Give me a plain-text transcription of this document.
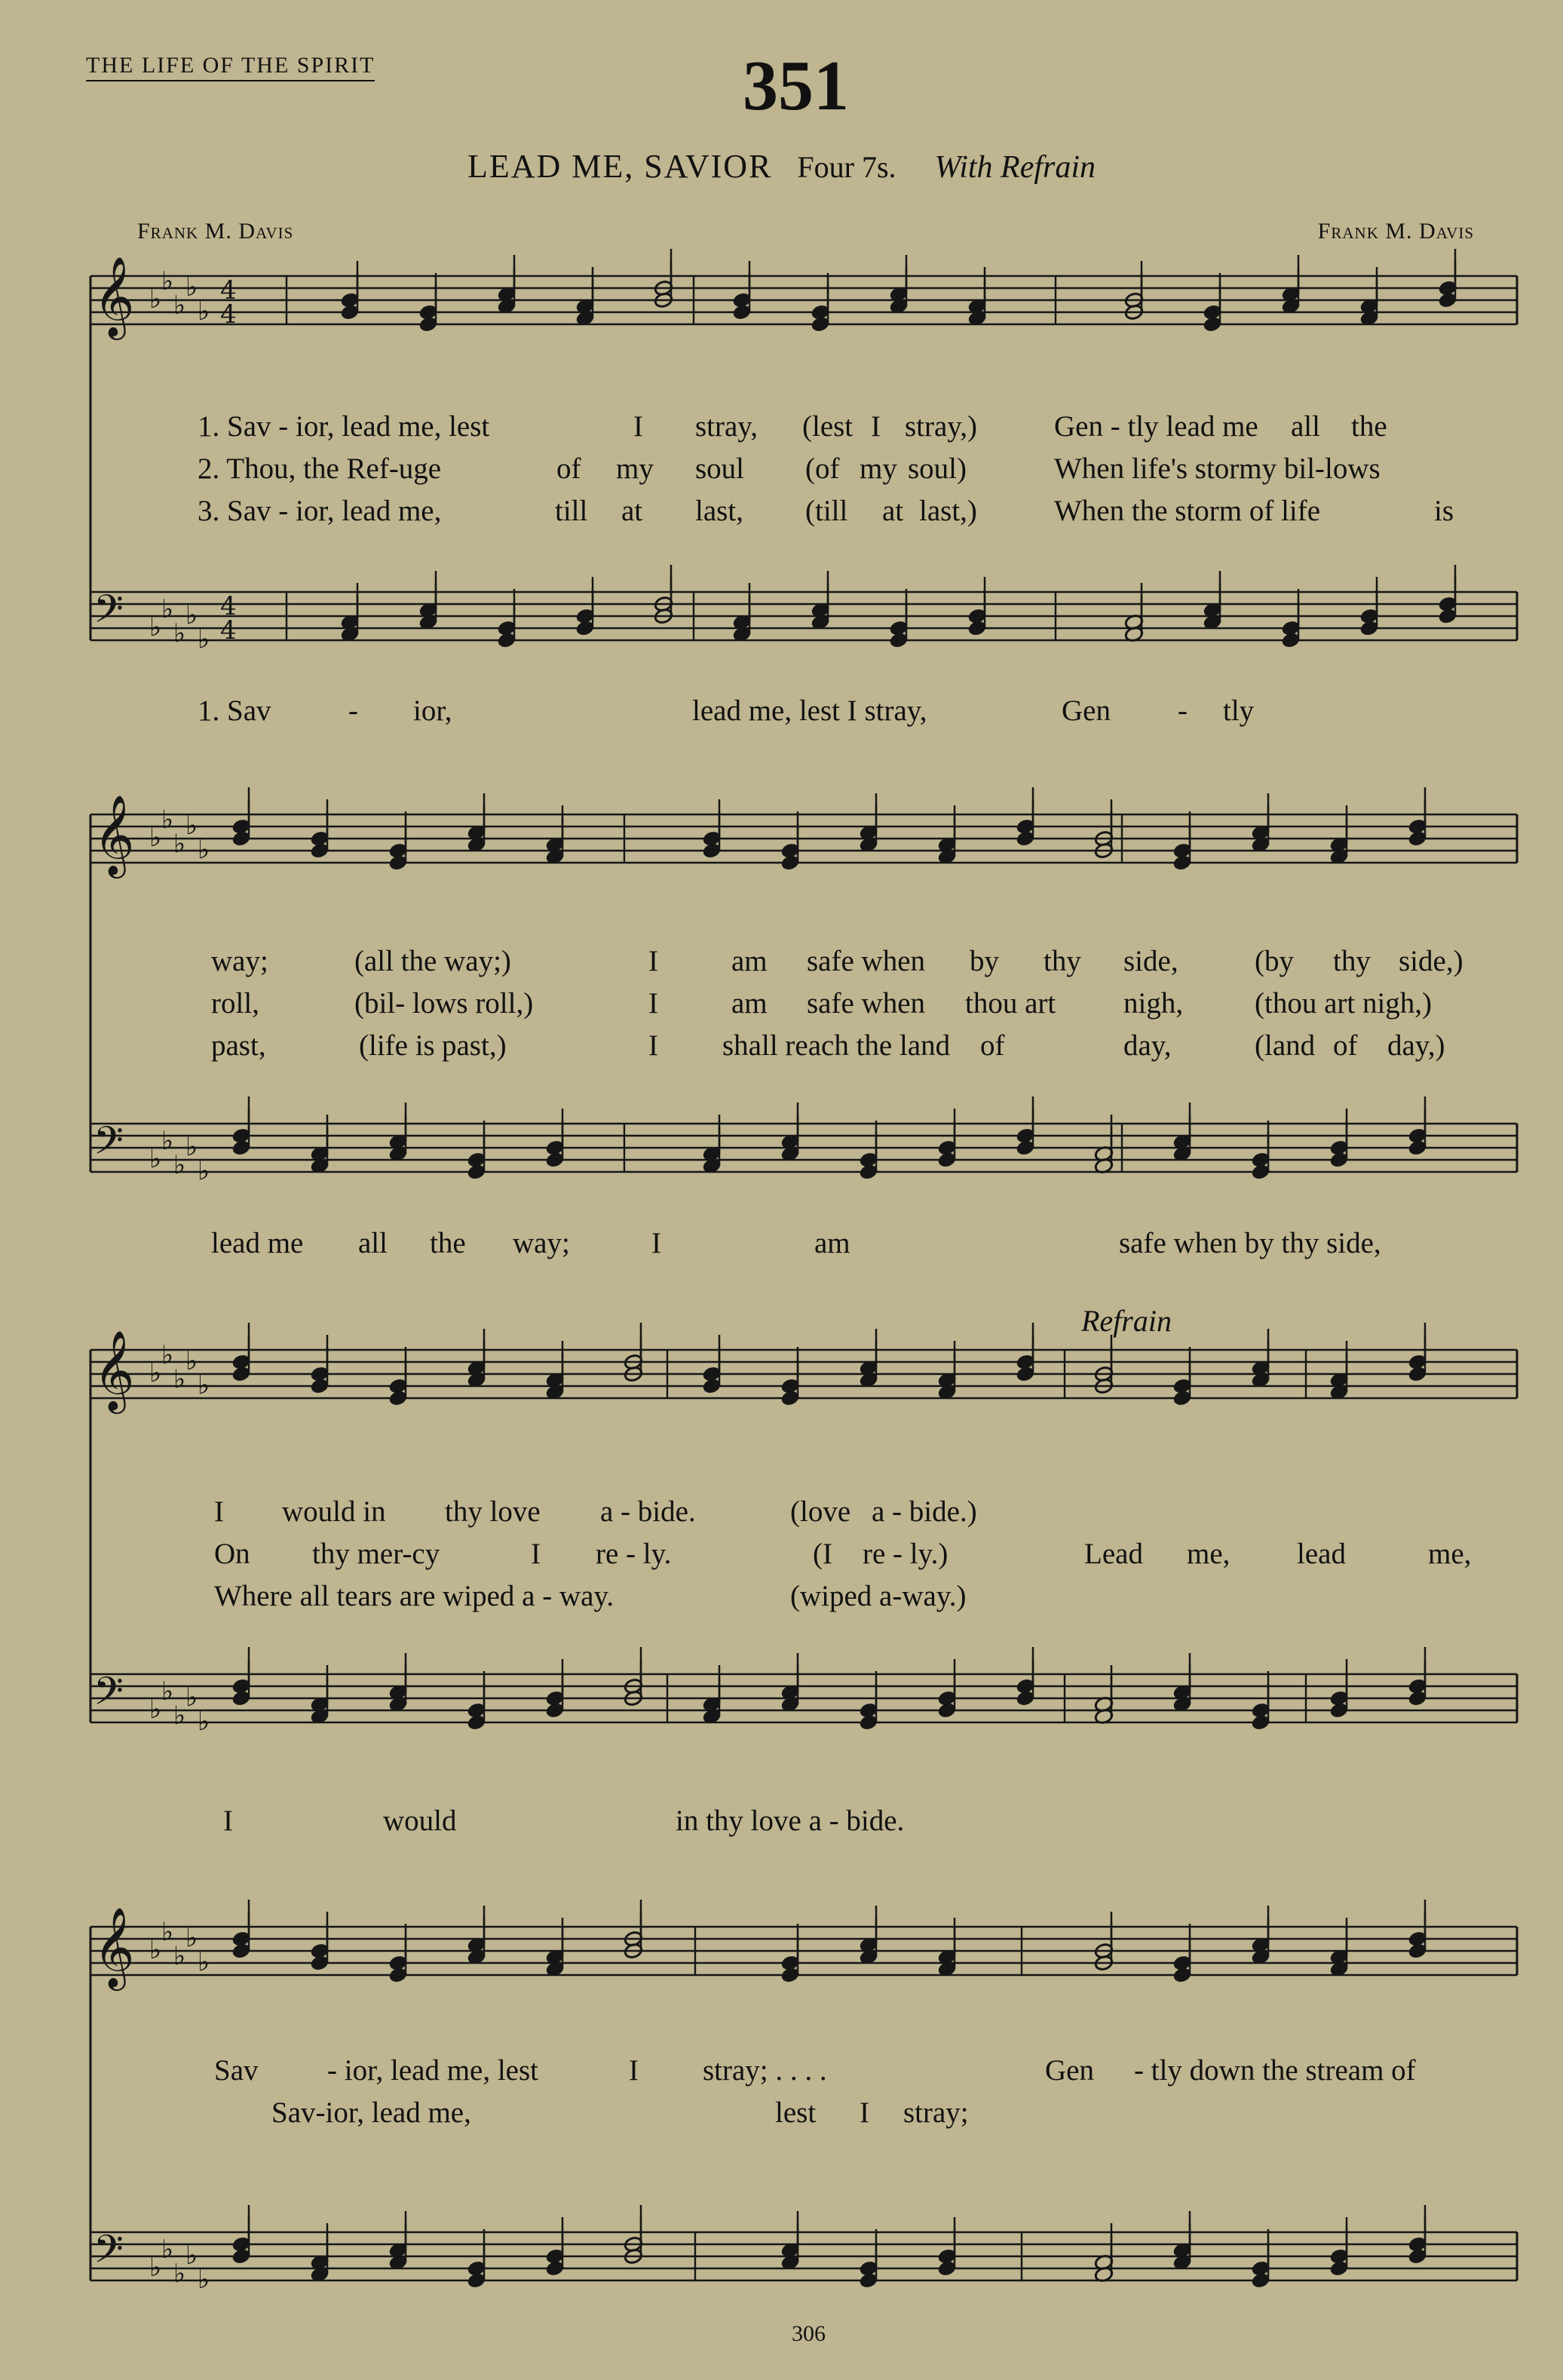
THE LIFE OF THE SPIRIT	351
LEAD ME, SAVIOR Four 7s. With Refrain
Frank M. Davis	Frank M. Davis
𝄞 ♭
♭
♭
♭
♭
4
4
𝄢 ♭
♭
♭
♭
♭
4
4
𝄞 ♭
♭
♭
♭
♭
𝄢 ♭
♭
♭
♭
♭
𝄞 ♭
♭
♭
♭
♭
𝄢 ♭
♭
♭
♭
♭
𝄞 ♭
♭
♭
♭
♭
𝄢 ♭
♭
♭
♭
♭
1. Sav - ior, lead me, lest	I stray, (lest I stray,)	Gen - tly lead me all the
2. Thou, the Ref-uge	of my soul (of my soul)	When life's stormy bil-lows
3. Sav - ior, lead me,	till at last, (till at last,)	When the storm of life	is
1. Sav	- ior,	lead me, lest I stray,	Gen - tly
way;	(all the way;)	I am safe when by thy side,	(by thy side,)
roll,	(bil- lows roll,)	I am safe when thou art nigh, (thou art nigh,)
past,	(life is past,)	I shall reach the land of	day,	(land of day,)
lead me all the way;	I	am	safe when by thy side,
Refrain
I would in thy love a - bide.	(love a - bide.)
On thy mer-cy	I re - ly.	(I re - ly.)	Lead me, lead	me,
Where all tears are wiped a - way.	(wiped a-way.)
I	would	in thy love a - bide.
Sav - ior, lead me, lest	I stray; . . . .	Gen - tly down the stream of
Sav-ior, lead me,	lest I stray;
306
